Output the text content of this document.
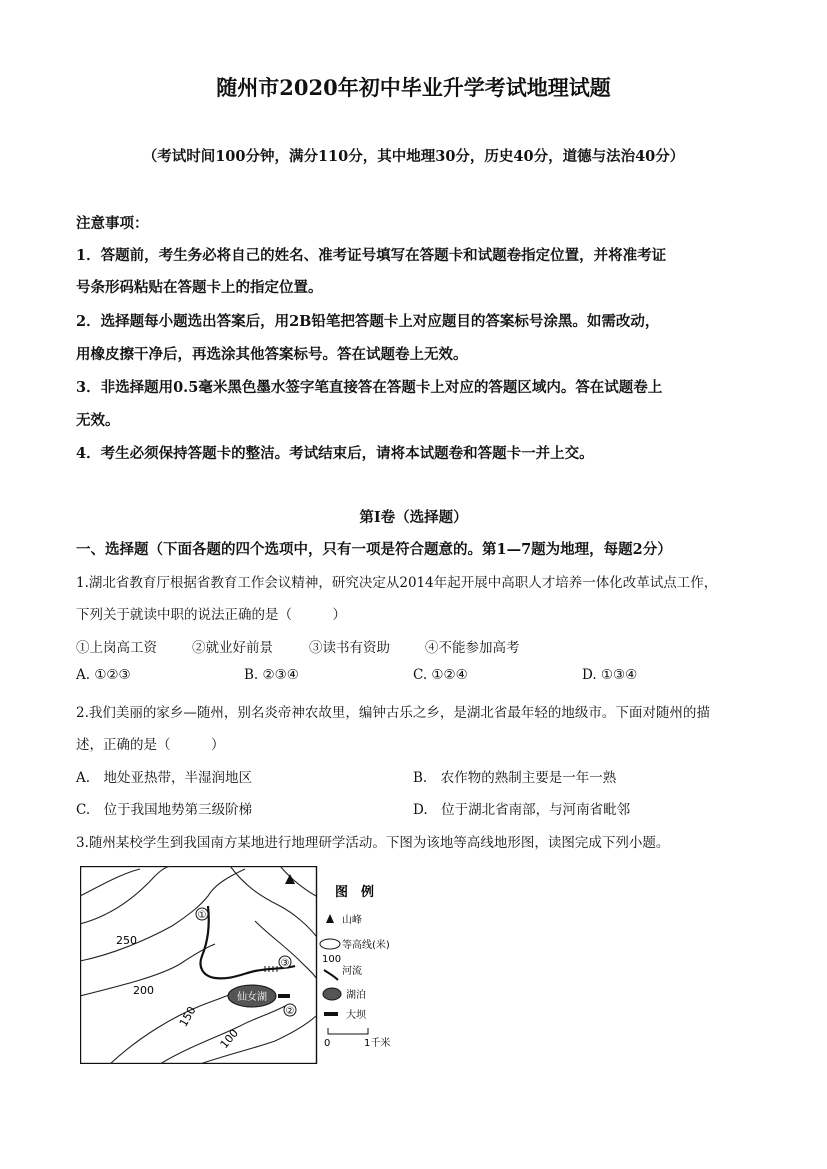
随州市2020年初中毕业升学考试地理试题
（考试时间100分钟，满分110分，其中地理30分，历史40分，道德与法治40分）
注意事项：
1．答题前，考生务必将自己的姓名、准考证号填写在答题卡和试题卷指定位置，并将准考证
号条形码粘贴在答题卡上的指定位置。
2．选择题每小题选出答案后，用2B铅笔把答题卡上对应题目的答案标号涂黑。如需改动，
用橡皮擦干净后，再选涂其他答案标号。答在试题卷上无效。
3．非选择题用0.5毫米黑色墨水签字笔直接答在答题卡上对应的答题区域内。答在试题卷上
无效。
4．考生必须保持答题卡的整洁。考试结束后，请将本试题卷和答题卡一并上交。
第I卷（选择题）
一、选择题（下面各题的四个选项中，只有一项是符合题意的。第1—7题为地理，每题2分）
1.湖北省教育厅根据省教育工作会议精神，研究决定从2014年起开展中高职人才培养一体化改革试点工作，
下列关于就读中职的说法正确的是（　　　）
①上岗高工资	②就业好前景	③读书有资助	④不能参加高考
A. ①②③	B. ②③④	C. ①②④	D. ①③④
2.我们美丽的家乡—随州，别名炎帝神农故里，编钟古乐之乡，是湖北省最年轻的地级市。下面对随州的描
述，正确的是（　　　）
A.　地处亚热带，半湿润地区	B.　农作物的熟制主要是一年一熟
C.　位于我国地势第三级阶梯	D.　位于湖北省南部，与河南省毗邻
3.随州某校学生到我国南方某地进行地理研学活动。下图为该地等高线地形图，读图完成下列小题。
仙女湖
①
②
③
250
200
150
100
图　例
山峰
等高线(米)
100
河流
湖泊
大坝
0	1千米
